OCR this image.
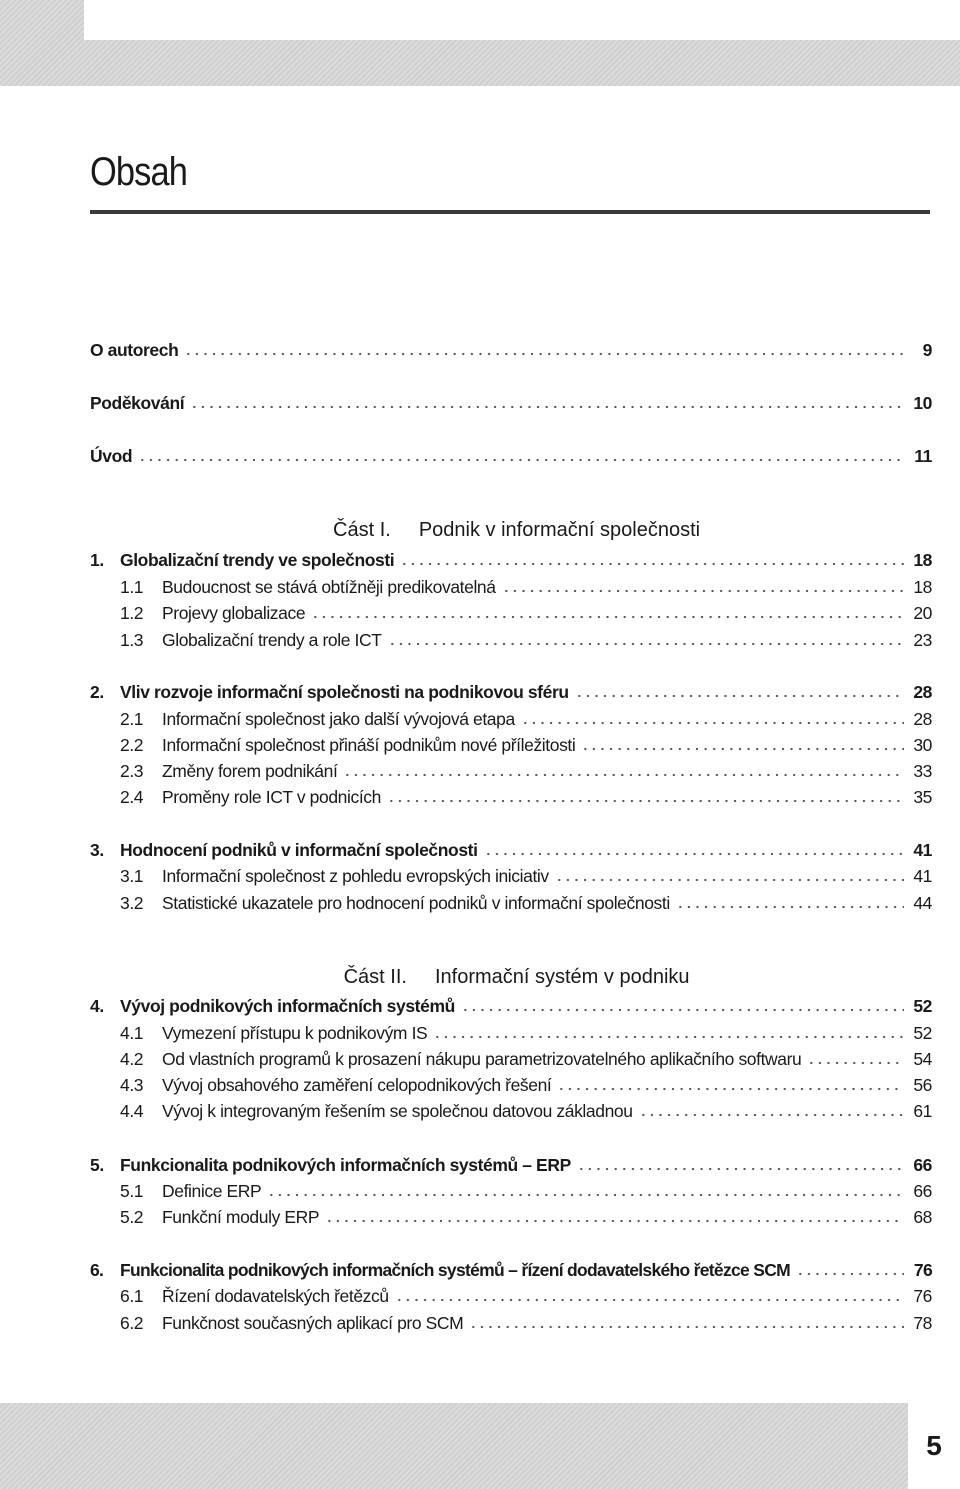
Obsah
O autorech	9
Poděkování	10
Úvod	11
1. Globalizační trendy ve společnosti	18
1.1	Budoucnost se stává obtížněji predikovatelná	18
1.2	Projevy globalizace	20
1.3	Globalizační trendy a role ICT	23
2. Vliv rozvoje informační společnosti na podnikovou sféru	28
2.1	Informační společnost jako další vývojová etapa	28
2.2	Informační společnost přináší podnikům nové příležitosti	30
2.3	Změny forem podnikání	33
2.4	Proměny role ICT v podnicích	35
3. Hodnocení podniků v informační společnosti	41
3.1	Informační společnost z pohledu evropských iniciativ	41
3.2	Statistické ukazatele pro hodnocení podniků v informační společnosti	44
4. Vývoj podnikových informačních systémů	52
4.1	Vymezení přístupu k podnikovým IS	52
4.2	Od vlastních programů k prosazení nákupu parametrizovatelného aplikačního softwaru	54
4.3	Vývoj obsahového zaměření celopodnikových řešení	56
4.4	Vývoj k integrovaným řešením se společnou datovou základnou	61
5. Funkcionalita podnikových informačních systémů – ERP	66
5.1	Definice ERP	66
5.2	Funkční moduly ERP	68
6. Funkcionalita podnikových informačních systémů – řízení dodavatelského řetězce SCM	76
6.1	Řízení dodavatelských řetězců	76
6.2	Funkčnost současných aplikací pro SCM	78

Část I. Podnik v informační společnosti

Část II. Informační systém v podniku

5
